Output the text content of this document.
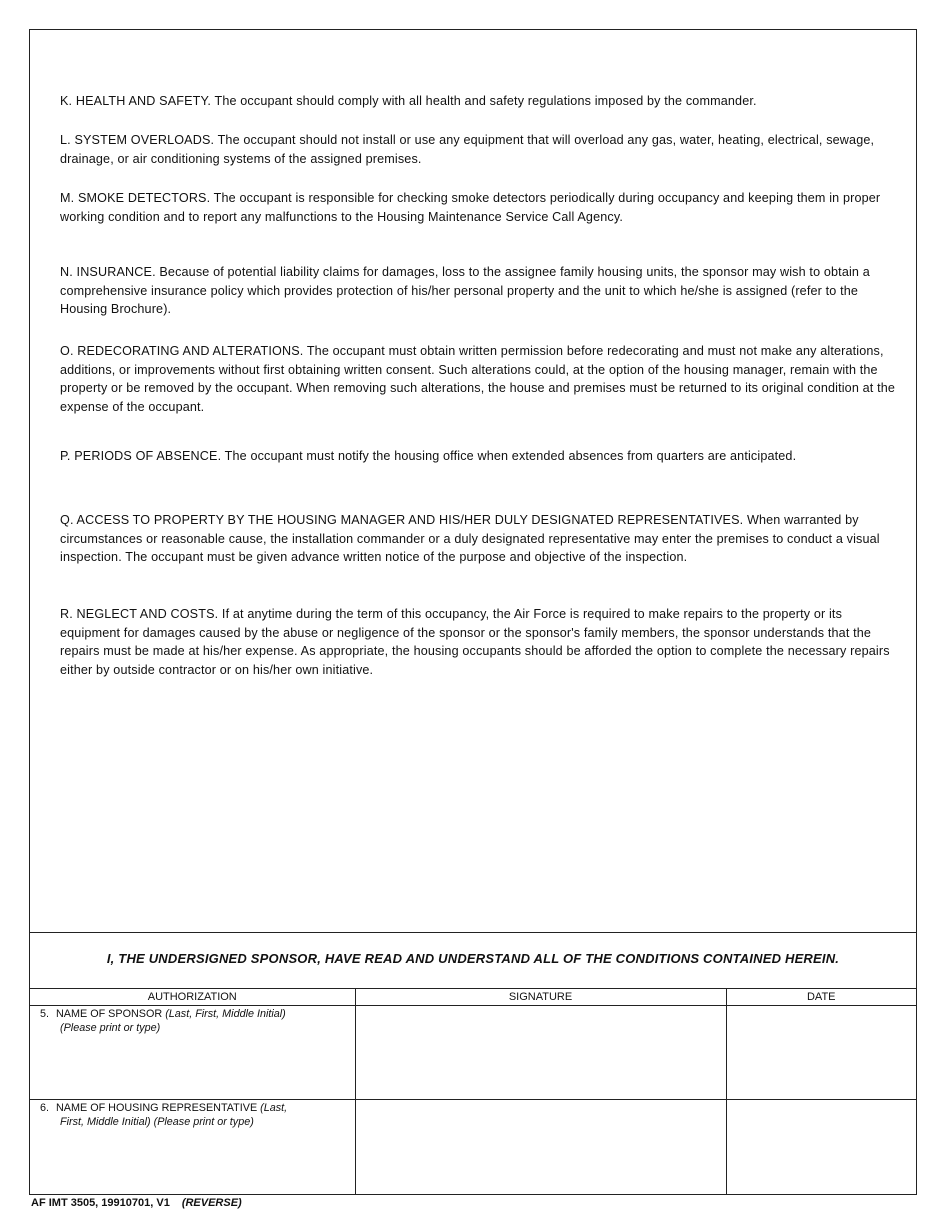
K. HEALTH AND SAFETY. The occupant should comply with all health and safety regulations imposed by the commander.

L. SYSTEM OVERLOADS. The occupant should not install or use any equipment that will overload any gas, water, heating, electrical, sewage, drainage, or air conditioning systems of the assigned premises.

M. SMOKE DETECTORS. The occupant is responsible for checking smoke detectors periodically during occupancy and keeping them in proper working condition and to report any malfunctions to the Housing Maintenance Service Call Agency.

N. INSURANCE. Because of potential liability claims for damages, loss to the assignee family housing units, the sponsor may wish to obtain a comprehensive insurance policy which provides protection of his/her personal property and the unit to which he/she is assigned (refer to the Housing Brochure).

O. REDECORATING AND ALTERATIONS. The occupant must obtain written permission before redecorating and must not make any alterations, additions, or improvements without first obtaining written consent. Such alterations could, at the option of the housing manager, remain with the property or be removed by the occupant. When removing such alterations, the house and premises must be returned to its original condition at the expense of the occupant.

P. PERIODS OF ABSENCE. The occupant must notify the housing office when extended absences from quarters are anticipated.

Q. ACCESS TO PROPERTY BY THE HOUSING MANAGER AND HIS/HER DULY DESIGNATED REPRESENTATIVES. When warranted by circumstances or reasonable cause, the installation commander or a duly designated representative may enter the premises to conduct a visual inspection. The occupant must be given advance written notice of the purpose and objective of the inspection.

R. NEGLECT AND COSTS. If at anytime during the term of this occupancy, the Air Force is required to make repairs to the property or its equipment for damages caused by the abuse or negligence of the sponsor or the sponsor's family members, the sponsor understands that the repairs must be made at his/her expense. As appropriate, the housing occupants should be afforded the option to complete the necessary repairs either by outside contractor or on his/her own initiative.

I, THE UNDERSIGNED SPONSOR, HAVE READ AND UNDERSTAND ALL OF THE CONDITIONS CONTAINED HEREIN.
AUTHORIZATION	SIGNATURE	DATE

5. NAME OF SPONSOR (Last, First, Middle Initial)
(Please print or type)		

6. NAME OF HOUSING REPRESENTATIVE (Last,
First, Middle Initial) (Please print or type)		

AF IMT 3505, 19910701, V1 (REVERSE)
